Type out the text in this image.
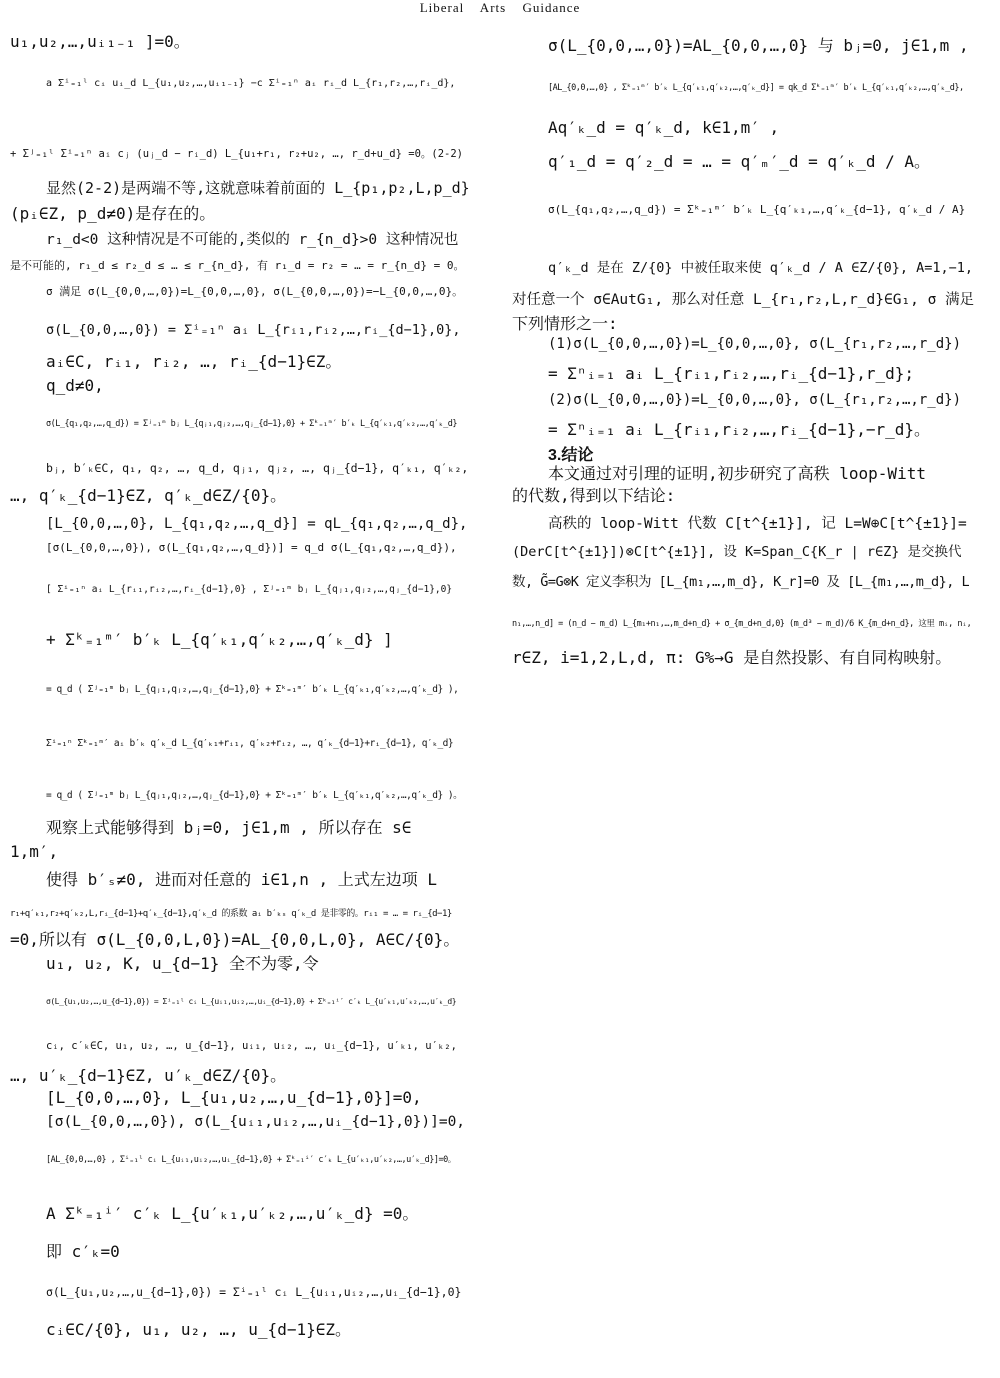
Liberal Arts Guidance
u₁,u₂,…,uᵢ₁₋₁ ]=0。
a Σⁱ₌₁ˡ cᵢ uᵢ_d L_{u₁,u₂,…,uᵢ₁₋₁} −c Σⁱ₌₁ⁿ aᵢ rᵢ_d L_{r₁,r₂,…,rᵢ_d},
+ Σʲ₌₁ˡ Σⁱ₌₁ⁿ aᵢ cⱼ (uⱼ_d − rᵢ_d) L_{u₁+r₁, r₂+u₂, …, r_d+u_d} =0。(2-2)
显然(2-2)是两端不等,这就意味着前面的 L_{p₁,p₂,L,p_d}
(pᵢ∈Z, p_d≠0)是存在的。
r₁_d<0 这种情况是不可能的,类似的 r_{n_d}>0 这种情况也
是不可能的, r₁_d ≤ r₂_d ≤ … ≤ r_{n_d}, 有 r₁_d = r₂ = … = r_{n_d} = 0。
σ 满足 σ(L_{0,0,…,0})=L_{0,0,…,0}, σ(L_{0,0,…,0})=−L_{0,0,…,0}。
σ(L_{0,0,…,0}) = Σⁱ₌₁ⁿ aᵢ L_{rᵢ₁,rᵢ₂,…,rᵢ_{d−1},0},
aᵢ∈C, rᵢ₁, rᵢ₂, …, rᵢ_{d−1}∈Z。
q_d≠0,
σ(L_{q₁,q₂,…,q_d}) = Σʲ₌₁ᵐ bⱼ L_{qⱼ₁,qⱼ₂,…,qⱼ_{d−1},0} + Σᵏ₌₁ᵐ′ b′ₖ L_{q′ₖ₁,q′ₖ₂,…,q′ₖ_d}
bⱼ, b′ₖ∈C, q₁, q₂, …, q_d, qⱼ₁, qⱼ₂, …, qⱼ_{d−1}, q′ₖ₁, q′ₖ₂,
…, q′ₖ_{d−1}∈Z, q′ₖ_d∈Z/{0}。
[L_{0,0,…,0}, L_{q₁,q₂,…,q_d}] = qL_{q₁,q₂,…,q_d},
[σ(L_{0,0,…,0}), σ(L_{q₁,q₂,…,q_d})] = q_d σ(L_{q₁,q₂,…,q_d}),
[ Σⁱ₌₁ⁿ aᵢ L_{rᵢ₁,rᵢ₂,…,rᵢ_{d−1},0} , Σʲ₌₁ᵐ bⱼ L_{qⱼ₁,qⱼ₂,…,qⱼ_{d−1},0}
+ Σᵏ₌₁ᵐ′ b′ₖ L_{q′ₖ₁,q′ₖ₂,…,q′ₖ_d} ]
= q_d ( Σʲ₌₁ᵐ bⱼ L_{qⱼ₁,qⱼ₂,…,qⱼ_{d−1},0} + Σᵏ₌₁ᵐ′ b′ₖ L_{q′ₖ₁,q′ₖ₂,…,q′ₖ_d} ),
Σⁱ₌₁ⁿ Σᵏ₌₁ᵐ′ aᵢ b′ₖ q′ₖ_d L_{q′ₖ₁+rᵢ₁, q′ₖ₂+rᵢ₂, …, q′ₖ_{d−1}+rᵢ_{d−1}, q′ₖ_d}
= q_d ( Σʲ₌₁ᵐ bⱼ L_{qⱼ₁,qⱼ₂,…,qⱼ_{d−1},0} + Σᵏ₌₁ᵐ′ b′ₖ L_{q′ₖ₁,q′ₖ₂,…,q′ₖ_d} )。
观察上式能够得到 bⱼ=0, j∈1,m , 所以存在 s∈
1,m′,
使得 b′ₛ≠0, 进而对任意的 i∈1,n , 上式左边项 L
r₁+q′ₖ₁,r₂+q′ₖ₂,L,rᵢ_{d−1}+q′ₖ_{d−1},q′ₖ_d 的系数 aᵢ b′ₖₛ q′ₖ_d 是非零的。rᵢ₁ = … = rᵢ_{d−1}
=0,所以有 σ(L_{0,0,L,0})=AL_{0,0,L,0}, A∈C/{0}。
u₁, u₂, K, u_{d−1} 全不为零,令
σ(L_{u₁,u₂,…,u_{d−1},0}) = Σⁱ₌₁ˡ cᵢ L_{uᵢ₁,uᵢ₂,…,uᵢ_{d−1},0} + Σᵏ₌₁ⁱ′ c′ₖ L_{u′ₖ₁,u′ₖ₂,…,u′ₖ_d}
cᵢ, c′ₖ∈C, u₁, u₂, …, u_{d−1}, uᵢ₁, uᵢ₂, …, uᵢ_{d−1}, u′ₖ₁, u′ₖ₂,
…, u′ₖ_{d−1}∈Z, u′ₖ_d∈Z/{0}。
[L_{0,0,…,0}, L_{u₁,u₂,…,u_{d−1},0}]=0,
[σ(L_{0,0,…,0}), σ(L_{uᵢ₁,uᵢ₂,…,uᵢ_{d−1},0})]=0,
[AL_{0,0,…,0} , Σⁱ₌₁ˡ cᵢ L_{uᵢ₁,uᵢ₂,…,uᵢ_{d−1},0} + Σᵏ₌₁ⁱ′ c′ₖ L_{u′ₖ₁,u′ₖ₂,…,u′ₖ_d}]=0。
A Σᵏ₌₁ⁱ′ c′ₖ L_{u′ₖ₁,u′ₖ₂,…,u′ₖ_d} =0。
即 c′ₖ=0
σ(L_{u₁,u₂,…,u_{d−1},0}) = Σⁱ₌₁ˡ cᵢ L_{uᵢ₁,uᵢ₂,…,uᵢ_{d−1},0}
cᵢ∈C/{0}, u₁, u₂, …, u_{d−1}∈Z。
σ(L_{0,0,…,0})=AL_{0,0,…,0} 与 bⱼ=0, j∈1,m ,
[AL_{0,0,…,0} , Σᵏ₌₁ᵐ′ b′ₖ L_{q′ₖ₁,q′ₖ₂,…,q′ₖ_d}] = qk_d Σᵏ₌₁ᵐ′ b′ₖ L_{q′ₖ₁,q′ₖ₂,…,q′ₖ_d},
Aq′ₖ_d = q′ₖ_d, k∈1,m′ ,
q′₁_d = q′₂_d = … = q′ₘ′_d = q′ₖ_d / A。
σ(L_{q₁,q₂,…,q_d}) = Σᵏ₌₁ᵐ′ b′ₖ L_{q′ₖ₁,…,q′ₖ_{d−1}, q′ₖ_d / A}
q′ₖ_d 是在 Z/{0} 中被任取来使 q′ₖ_d / A ∈Z/{0}, A=1,−1,
对任意一个 σ∈AutG₁, 那么对任意 L_{r₁,r₂,L,r_d}∈G₁, σ 满足
下列情形之一:
(1)σ(L_{0,0,…,0})=L_{0,0,…,0}, σ(L_{r₁,r₂,…,r_d})
= Σⁿᵢ₌₁ aᵢ L_{rᵢ₁,rᵢ₂,…,rᵢ_{d−1},r_d};
(2)σ(L_{0,0,…,0})=L_{0,0,…,0}, σ(L_{r₁,r₂,…,r_d})
= Σⁿᵢ₌₁ aᵢ L_{rᵢ₁,rᵢ₂,…,rᵢ_{d−1},−r_d}。
3.结论
本文通过对引理的证明,初步研究了高秩 loop-Witt
的代数,得到以下结论:
高秩的 loop-Witt 代数 C[t^{±1}], 记 L=W⊕C[t^{±1}]=
(DerC[t^{±1}])⊗C[t^{±1}], 设 K=Span_C{K_r | r∈Z} 是交换代
数, G̃=G⊗K 定义李积为 [L_{m₁,…,m_d}, K_r]=0 及 [L_{m₁,…,m_d}, L
n₁,…,n_d] = (n_d − m_d) L_{m₁+n₁,…,m_d+n_d} + σ_{m_d+n_d,0} (m_d³ − m_d)/6 K_{m_d+n_d}, 这里 mᵢ, nᵢ,
r∈Z, i=1,2,L,d, π: G%→G 是自然投影、有自同构映射。
